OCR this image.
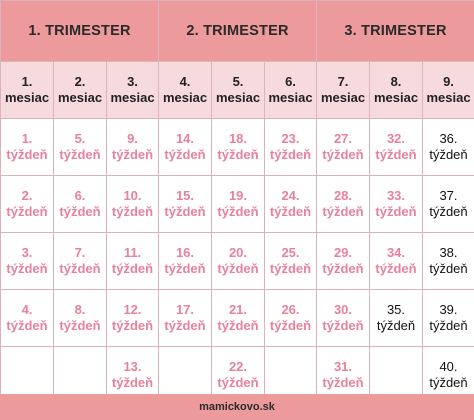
1. TRIMESTER			2. TRIMESTER			3. TRIMESTER		

1.
mesiac	2.
mesiac	3.
mesiac	4.
mesiac	5.
mesiac	6.
mesiac	7.
mesiac	8.
mesiac	9.
mesiac

1.
týždeň	5.
týždeň	9.
týždeň	14.
týždeň	18.
týždeň	23.
týždeň	27.
týždeň	32.
týždeň	36.
týždeň

2.
týždeň	6.
týždeň	10.
týždeň	15.
týždeň	19.
týždeň	24.
týždeň	28.
týždeň	33.
týždeň	37.
týždeň

3.
týždeň	7.
týždeň	11.
týždeň	16.
týždeň	20.
týždeň	25.
týždeň	29.
týždeň	34.
týždeň	38.
týždeň

4.
týždeň	8.
týždeň	12.
týždeň	17.
týždeň	21.
týždeň	26.
týždeň	30.
týždeň	35.
týždeň	39.
týždeň

		13.
týždeň		22.
týždeň		31.
týždeň		40.
týždeň
mamickovo.sk
